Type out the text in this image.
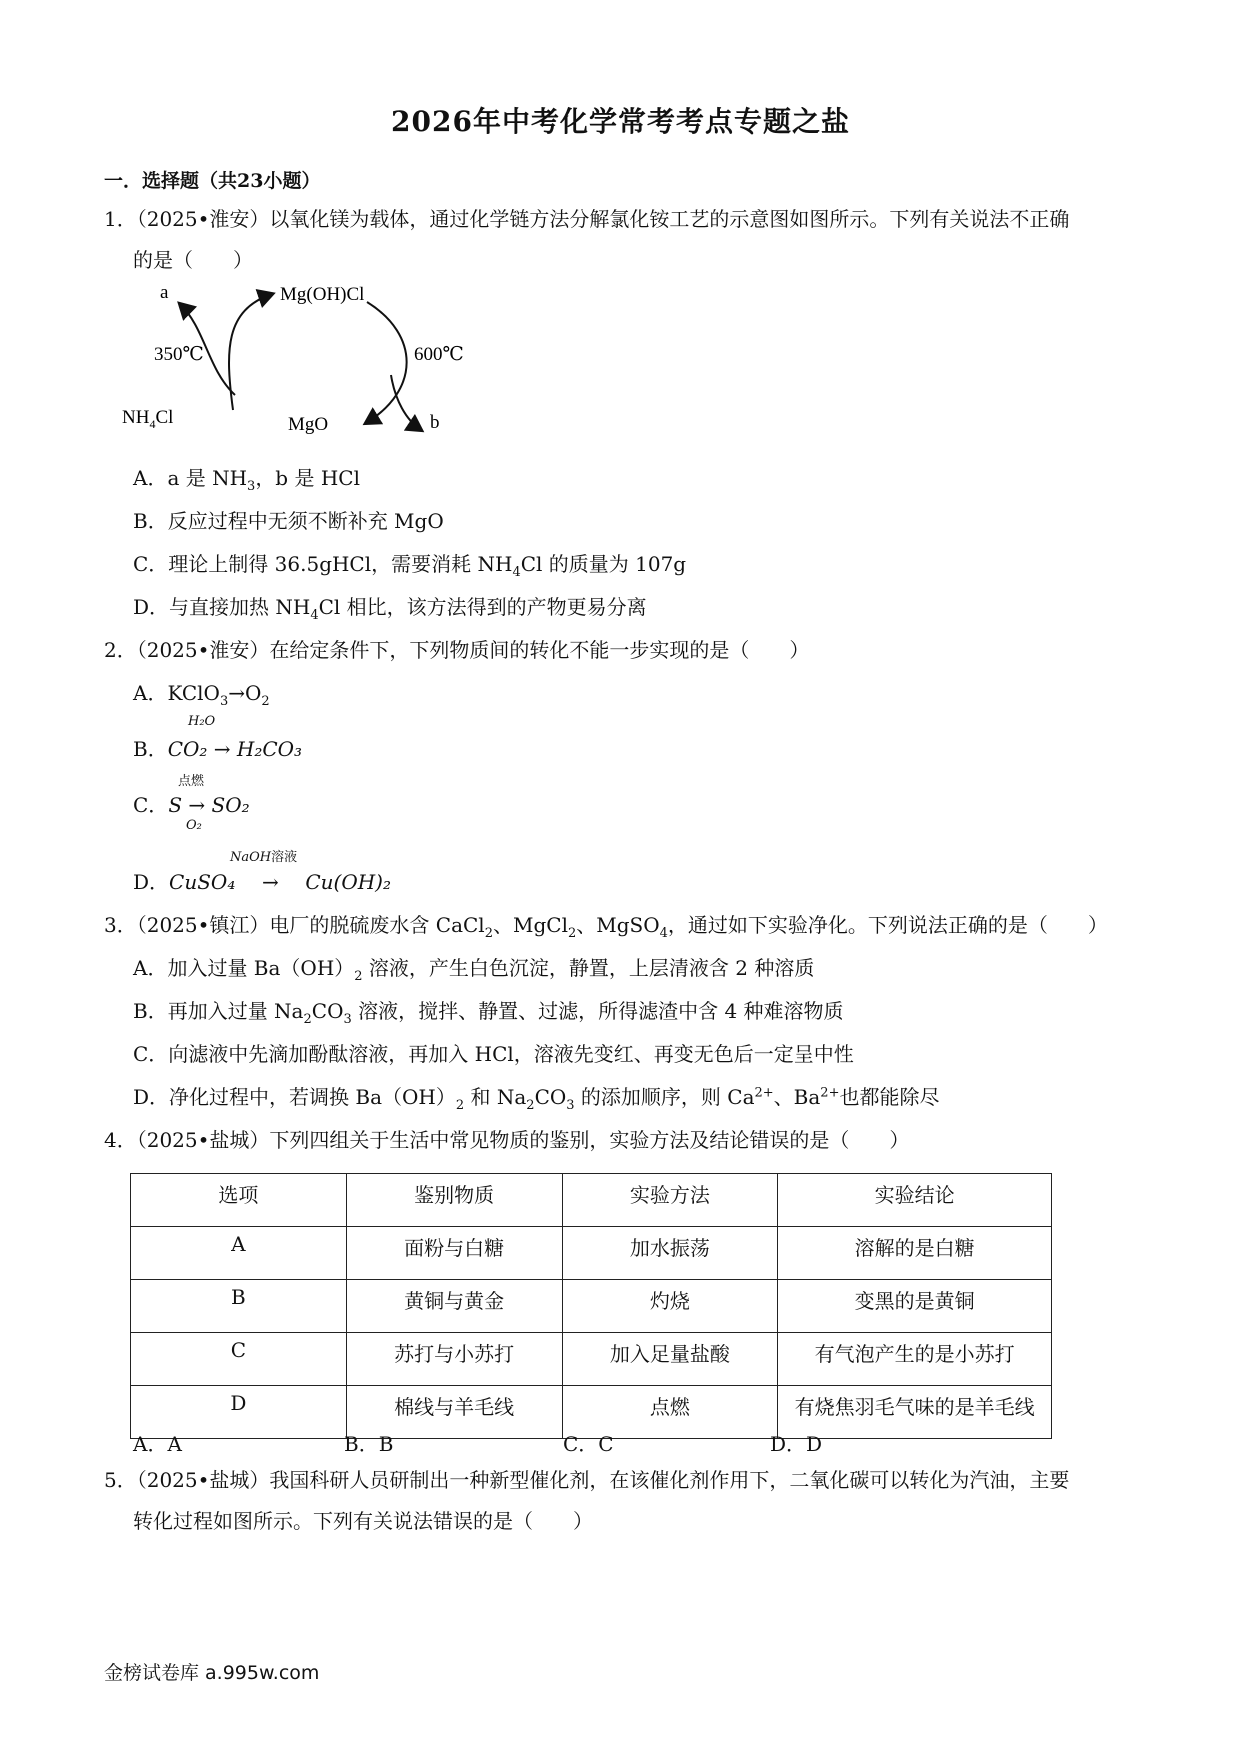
2026年中考化学常考考点专题之盐
一．选择题（共23小题）
1．（2025•淮安）以氧化镁为载体，通过化学链方法分解氯化铵工艺的示意图如图所示。下列有关说法不正确
的是（　　）
a	Mg(OH)Cl
350℃	600℃
$NH_4Cl$	MgO	b
A．a 是 $NH_3$，b 是 HCl
B．反应过程中无须不断补充 MgO
C．理论上制得 36.5gHCl，需要消耗 $NH_4Cl$ 的质量为 107g
D．与直接加热 $NH_4Cl$ 相比，该方法得到的产物更易分离
2．（2025•淮安）在给定条件下，下列物质间的转化不能一步实现的是（　　）
A．$KClO_3\to O_2$
H₂O
B．CO₂ → H₂CO₃
点燃
C．S → SO₂
O₂
NaOH溶液
D．CuSO₄ → Cu(OH)₂
3．（2025•镇江）电厂的脱硫废水含 CaCl$_2$、MgCl$_2$、MgSO$_4$，通过如下实验净化。下列说法正确的是（　　）
A．加入过量 $Ba(OH)_2$ 溶液，产生白色沉淀，静置，上层清液含 2 种溶质
B．再加入过量 $Na_2CO_3$ 溶液，搅拌、静置、过滤，所得滤渣中含 4 种难溶物质
C．向滤液中先滴加酚酞溶液，再加入 HCl，溶液先变红、再变无色后一定呈中性
D．净化过程中，若调换 $Ba(OH)_2$ 和 $Na_2CO_3$ 的添加顺序，则 $Ca^{2+}$、$Ba^{2+}$也都能除尽
4．（2025•盐城）下列四组关于生活中常见物质的鉴别，实验方法及结论错误的是（　　）
选项	鉴别物质	实验方法	实验结论
A	面粉与白糖	加水振荡	溶解的是白糖
B	黄铜与黄金	灼烧	变黑的是黄铜
C	苏打与小苏打	加入足量盐酸	有气泡产生的是小苏打
D	棉线与羊毛线	点燃	有烧焦羽毛气味的是羊毛线
A．A	B．B	C．C	D．D
5．（2025•盐城）我国科研人员研制出一种新型催化剂，在该催化剂作用下，二氧化碳可以转化为汽油，主要
转化过程如图所示。下列有关说法错误的是（　　）
金榜试卷库 a.995w.com
